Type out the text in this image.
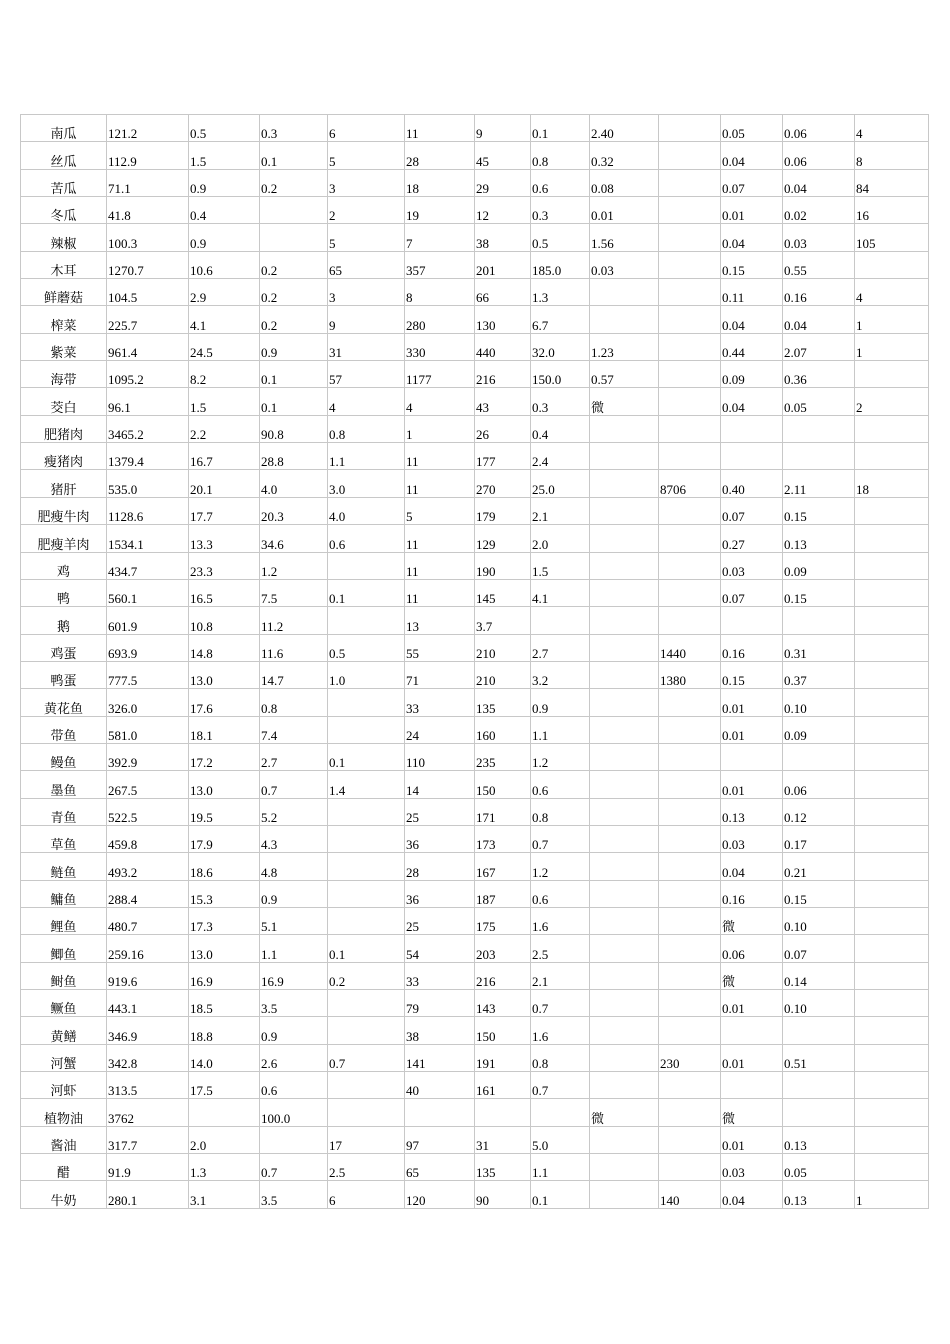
南瓜	121.2	0.5	0.3	6	11	9	0.1	2.40		0.05	0.06	4
丝瓜	112.9	1.5	0.1	5	28	45	0.8	0.32		0.04	0.06	8
苦瓜	71.1	0.9	0.2	3	18	29	0.6	0.08		0.07	0.04	84
冬瓜	41.8	0.4		2	19	12	0.3	0.01		0.01	0.02	16
辣椒	100.3	0.9		5	7	38	0.5	1.56		0.04	0.03	105
木耳	1270.7	10.6	0.2	65	357	201	185.0	0.03		0.15	0.55	
鲜蘑菇	104.5	2.9	0.2	3	8	66	1.3			0.11	0.16	4
榨菜	225.7	4.1	0.2	9	280	130	6.7			0.04	0.04	1
紫菜	961.4	24.5	0.9	31	330	440	32.0	1.23		0.44	2.07	1
海带	1095.2	8.2	0.1	57	1177	216	150.0	0.57		0.09	0.36	
茭白	96.1	1.5	0.1	4	4	43	0.3	微		0.04	0.05	2
肥猪肉	3465.2	2.2	90.8	0.8	1	26	0.4					
瘦猪肉	1379.4	16.7	28.8	1.1	11	177	2.4					
猪肝	535.0	20.1	4.0	3.0	11	270	25.0		8706	0.40	2.11	18
肥瘦牛肉	1128.6	17.7	20.3	4.0	5	179	2.1			0.07	0.15	
肥瘦羊肉	1534.1	13.3	34.6	0.6	11	129	2.0			0.27	0.13	
鸡	434.7	23.3	1.2		11	190	1.5			0.03	0.09	
鸭	560.1	16.5	7.5	0.1	11	145	4.1			0.07	0.15	
鹅	601.9	10.8	11.2		13	3.7						
鸡蛋	693.9	14.8	11.6	0.5	55	210	2.7		1440	0.16	0.31	
鸭蛋	777.5	13.0	14.7	1.0	71	210	3.2		1380	0.15	0.37	
黄花鱼	326.0	17.6	0.8		33	135	0.9			0.01	0.10	
带鱼	581.0	18.1	7.4		24	160	1.1			0.01	0.09	
鳗鱼	392.9	17.2	2.7	0.1	110	235	1.2					
墨鱼	267.5	13.0	0.7	1.4	14	150	0.6			0.01	0.06	
青鱼	522.5	19.5	5.2		25	171	0.8			0.13	0.12	
草鱼	459.8	17.9	4.3		36	173	0.7			0.03	0.17	
鲢鱼	493.2	18.6	4.8		28	167	1.2			0.04	0.21	
鳙鱼	288.4	15.3	0.9		36	187	0.6			0.16	0.15	
鲤鱼	480.7	17.3	5.1		25	175	1.6			微	0.10	
鲫鱼	259.16	13.0	1.1	0.1	54	203	2.5			0.06	0.07	
鲥鱼	919.6	16.9	16.9	0.2	33	216	2.1			微	0.14	
鳜鱼	443.1	18.5	3.5		79	143	0.7			0.01	0.10	
黄鳝	346.9	18.8	0.9		38	150	1.6					
河蟹	342.8	14.0	2.6	0.7	141	191	0.8		230	0.01	0.51	
河虾	313.5	17.5	0.6		40	161	0.7					
植物油	3762		100.0					微		微		
酱油	317.7	2.0		17	97	31	5.0			0.01	0.13	
醋	91.9	1.3	0.7	2.5	65	135	1.1			0.03	0.05	
牛奶	280.1	3.1	3.5	6	120	90	0.1		140	0.04	0.13	1
